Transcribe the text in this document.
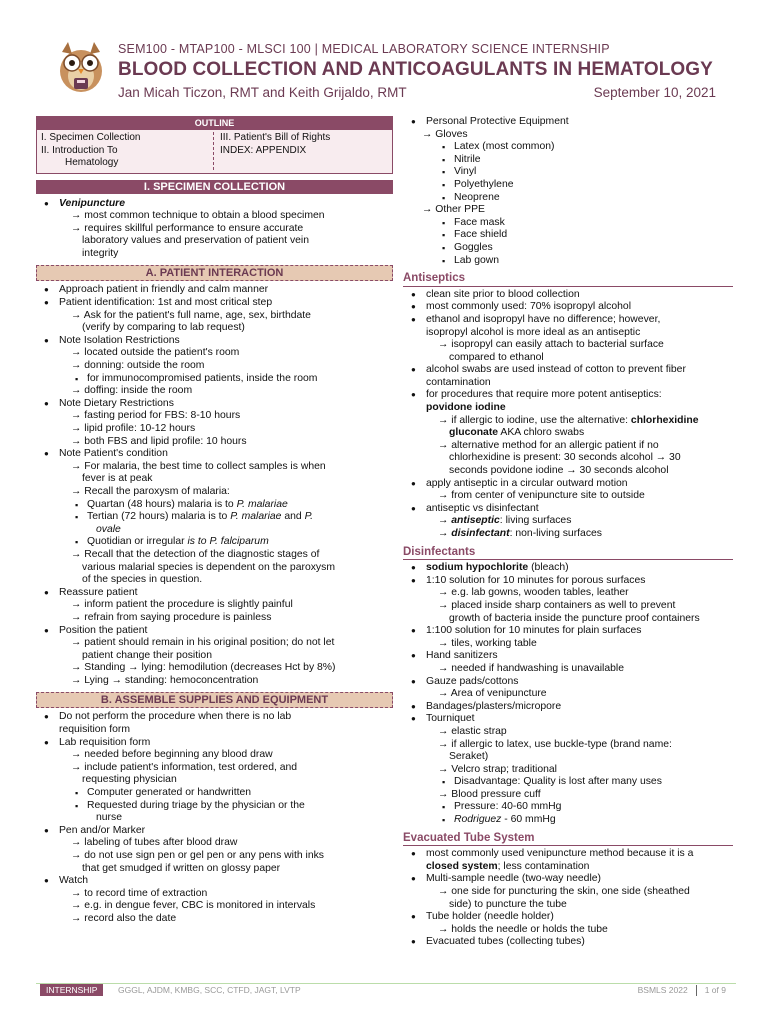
SEM100 - MTAP100 - MLSCI 100 | MEDICAL LABORATORY SCIENCE INTERNSHIP
BLOOD COLLECTION AND ANTICOAGULANTS IN HEMATOLOGY
Jan Micah Ticzon, RMT and Keith Grijaldo, RMT	September 10, 2021
OUTLINE
I. Specimen Collection
II. Introduction To
Hematology
III. Patient's Bill of Rights
INDEX: APPENDIX
I. SPECIMEN COLLECTION
● Venipuncture
→ most common technique to obtain a blood specimen
→ requires skillful performance to ensure accurate
laboratory values and preservation of patient vein
integrity
A. PATIENT INTERACTION
● Approach patient in friendly and calm manner
● Patient identification: 1st and most critical step
→ Ask for the patient's full name, age, sex, birthdate
(verify by comparing to lab request)
● Note Isolation Restrictions
→ located outside the patient's room
→ donning: outside the room
▪ for immunocompromised patients, inside the room
→ doffing: inside the room
● Note Dietary Restrictions
→ fasting period for FBS: 8-10 hours
→ lipid profile: 10-12 hours
→ both FBS and lipid profile: 10 hours
● Note Patient's condition
→ For malaria, the best time to collect samples is when
fever is at peak
→ Recall the paroxysm of malaria:
▪ Quartan (48 hours) malaria is to P. malariae
▪ Tertian (72 hours) malaria is to P. malariae and P.
ovale
▪ Quotidian or irregular is to P. falciparum
→ Recall that the detection of the diagnostic stages of
various malarial species is dependent on the paroxysm
of the species in question.
● Reassure patient
→ inform patient the procedure is slightly painful
→ refrain from saying procedure is painless
● Position the patient
→ patient should remain in his original position; do not let
patient change their position
→ Standing → lying: hemodilution (decreases Hct by 8%)
→ Lying → standing: hemoconcentration
B. ASSEMBLE SUPPLIES AND EQUIPMENT
● Do not perform the procedure when there is no lab
requisition form
● Lab requisition form
→ needed before beginning any blood draw
→ include patient's information, test ordered, and
requesting physician
▪ Computer generated or handwritten
▪ Requested during triage by the physician or the
nurse
● Pen and/or Marker
→ labeling of tubes after blood draw
→ do not use sign pen or gel pen or any pens with inks
that get smudged if written on glossy paper
● Watch
→ to record time of extraction
→ e.g. in dengue fever, CBC is monitored in intervals
→ record also the date
● Personal Protective Equipment
→ Gloves
▪ Latex (most common)
▪ Nitrile
▪ Vinyl
▪ Polyethylene
▪ Neoprene
→ Other PPE
▪ Face mask
▪ Face shield
▪ Goggles
▪ Lab gown
Antiseptics
● clean site prior to blood collection
● most commonly used: 70% isopropyl alcohol
● ethanol and isopropyl have no difference; however,
isopropyl alcohol is more ideal as an antiseptic
→ isopropyl can easily attach to bacterial surface
compared to ethanol
● alcohol swabs are used instead of cotton to prevent fiber
contamination
● for procedures that require more potent antiseptics:
povidone iodine
→ if allergic to iodine, use the alternative: chlorhexidine
gluconate AKA chloro swabs
→ alternative method for an allergic patient if no
chlorhexidine is present: 30 seconds alcohol → 30
seconds povidone iodine → 30 seconds alcohol
● apply antiseptic in a circular outward motion
→ from center of venipuncture site to outside
● antiseptic vs disinfectant
→ antiseptic: living surfaces
→ disinfectant: non-living surfaces
Disinfectants
● sodium hypochlorite (bleach)
● 1:10 solution for 10 minutes for porous surfaces
→ e.g. lab gowns, wooden tables, leather
→ placed inside sharp containers as well to prevent
growth of bacteria inside the puncture proof containers
● 1:100 solution for 10 minutes for plain surfaces
→ tiles, working table
● Hand sanitizers
→ needed if handwashing is unavailable
● Gauze pads/cottons
→ Area of venipuncture
● Bandages/plasters/micropore
● Tourniquet
→ elastic strap
→ if allergic to latex, use buckle-type (brand name:
Seraket)
→ Velcro strap; traditional
▪ Disadvantage: Quality is lost after many uses
→ Blood pressure cuff
▪ Pressure: 40-60 mmHg
▪ Rodriguez - 60 mmHg
Evacuated Tube System
● most commonly used venipuncture method because it is a
closed system; less contamination
● Multi-sample needle (two-way needle)
→ one side for puncturing the skin, one side (sheathed
side) to puncture the tube
● Tube holder (needle holder)
→ holds the needle or holds the tube
● Evacuated tubes (collecting tubes)
INTERNSHIP	GGGL, AJDM, KMBG, SCC, CTFD, JAGT, LVTP	BSMLS 2022 1 of 9
